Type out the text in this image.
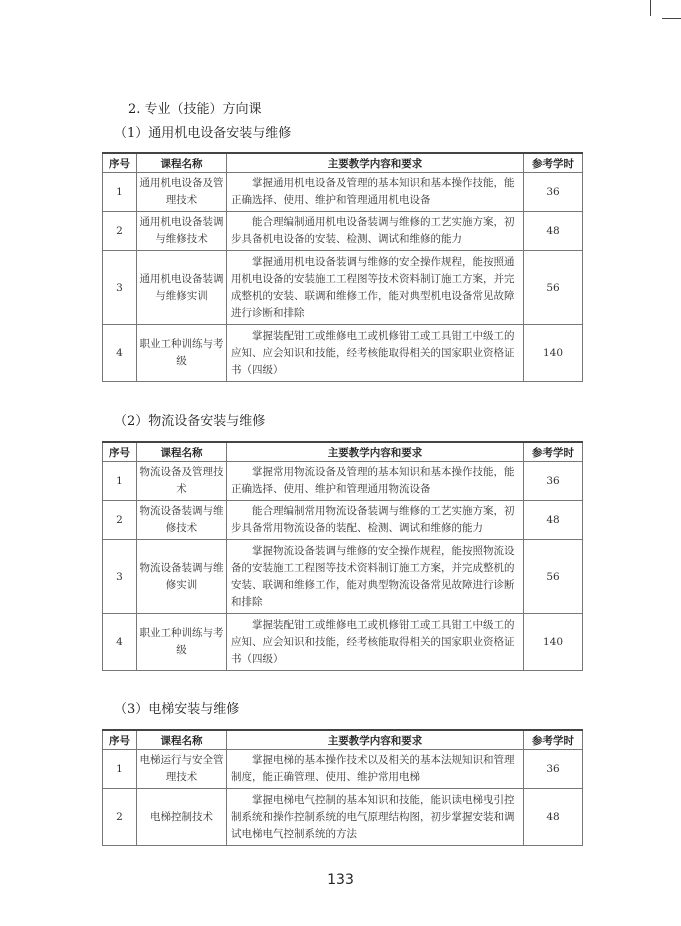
2. 专业（技能）方向课
（1）通用机电设备安装与维修
序号	课程名称	主要教学内容和要求	参考学时
1	通用机电设备及管理技术	掌握通用机电设备及管理的基本知识和基本操作技能，能正确选择、使用、维护和管理通用机电设备	36
2	通用机电设备装调与维修技术	能合理编制通用机电设备装调与维修的工艺实施方案，初步具备机电设备的安装、检测、调试和维修的能力	48
3	通用机电设备装调与维修实训	掌握通用机电设备装调与维修的安全操作规程，能按照通用机电设备的安装施工工程图等技术资料制订施工方案，并完成整机的安装、联调和维修工作，能对典型机电设备常见故障进行诊断和排除	56
4	职业工种训练与考级	掌握装配钳工或维修电工或机修钳工或工具钳工中级工的应知、应会知识和技能，经考核能取得相关的国家职业资格证书（四级）	140
（2）物流设备安装与维修
序号	课程名称	主要教学内容和要求	参考学时
1	物流设备及管理技术	掌握常用物流设备及管理的基本知识和基本操作技能，能正确选择、使用、维护和管理通用物流设备	36
2	物流设备装调与维修技术	能合理编制常用物流设备装调与维修的工艺实施方案，初步具备常用物流设备的装配、检测、调试和维修的能力	48
3	物流设备装调与维修实训	掌握物流设备装调与维修的安全操作规程，能按照物流设备的安装施工工程图等技术资料制订施工方案，并完成整机的安装、联调和维修工作，能对典型物流设备常见故障进行诊断和排除	56
4	职业工种训练与考级	掌握装配钳工或维修电工或机修钳工或工具钳工中级工的应知、应会知识和技能，经考核能取得相关的国家职业资格证书（四级）	140
（3）电梯安装与维修
序号	课程名称	主要教学内容和要求	参考学时
1	电梯运行与安全管理技术	掌握电梯的基本操作技术以及相关的基本法规知识和管理制度，能正确管理、使用、维护常用电梯	36
2	电梯控制技术	掌握电梯电气控制的基本知识和技能，能识读电梯曳引控制系统和操作控制系统的电气原理结构图，初步掌握安装和调试电梯电气控制系统的方法	48
133
